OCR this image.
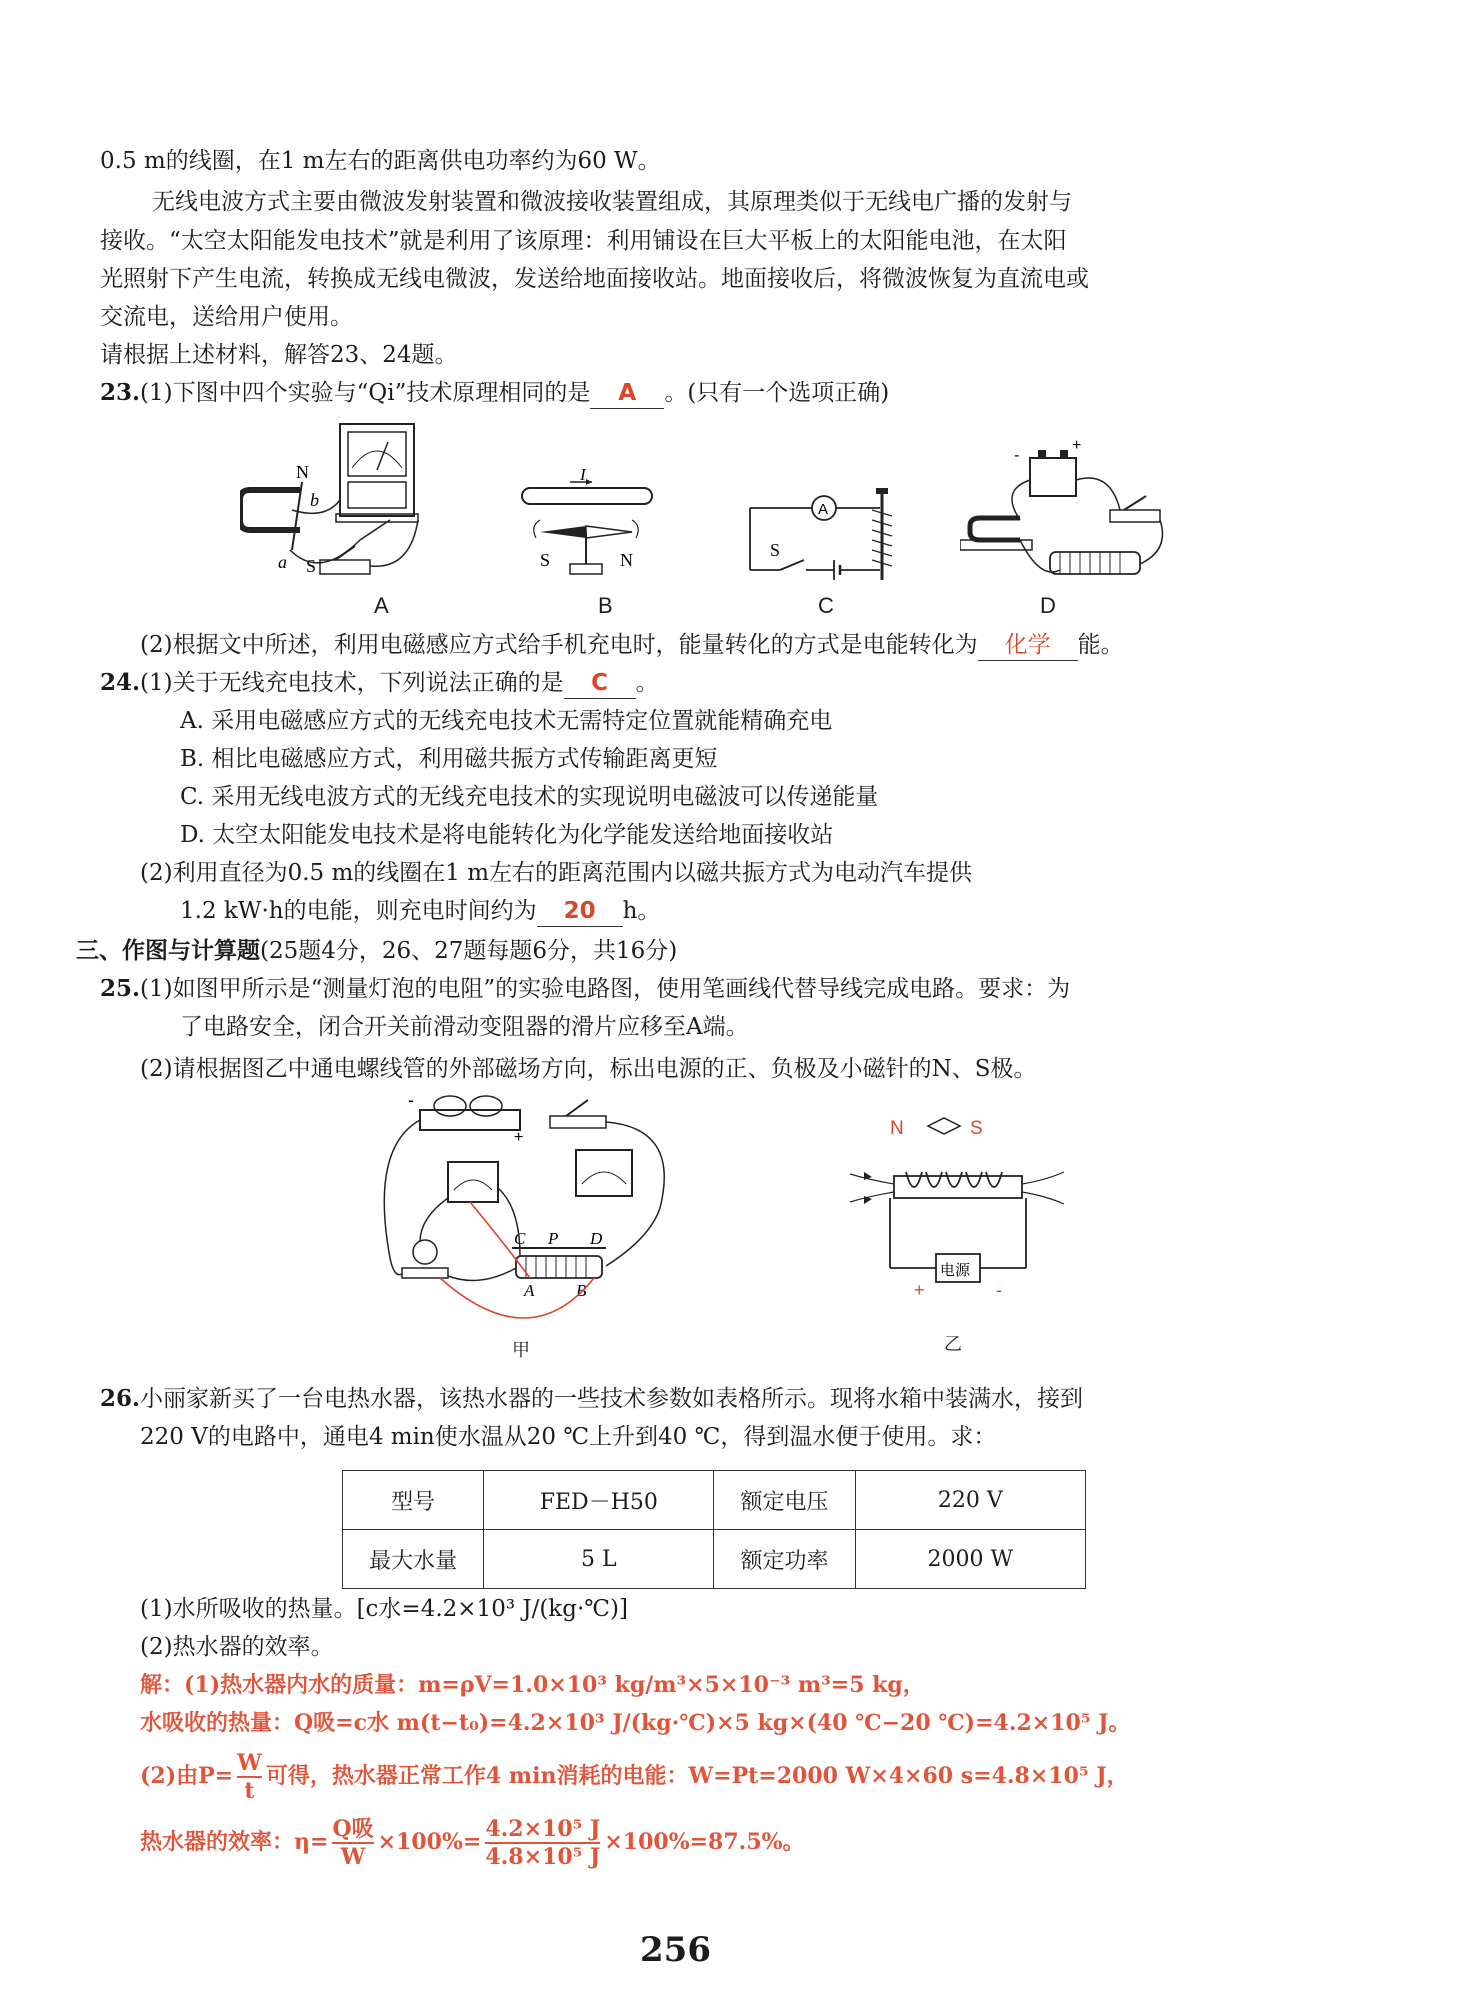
0.5 m的线圈，在1 m左右的距离供电功率约为60 W。
无线电波方式主要由微波发射装置和微波接收装置组成，其原理类似于无线电广播的发射与
接收。“太空太阳能发电技术”就是利用了该原理：利用铺设在巨大平板上的太阳能电池，在太阳
光照射下产生电流，转换成无线电微波，发送给地面接收站。地面接收后，将微波恢复为直流电或
交流电，送给用户使用。
请根据上述材料，解答23、24题。
23.(1)下图中四个实验与“Qi”技术原理相同的是 A 。(只有一个选项正确)
N
a
b
S
A
I
S	N
B
A
S
C
-
+
D
(2)根据文中所述，利用电磁感应方式给手机充电时，能量转化的方式是电能转化为 化学 能。
24.(1)关于无线充电技术，下列说法正确的是 C 。
A. 采用电磁感应方式的无线充电技术无需特定位置就能精确充电
B. 相比电磁感应方式，利用磁共振方式传输距离更短
C. 采用无线电波方式的无线充电技术的实现说明电磁波可以传递能量
D. 太空太阳能发电技术是将电能转化为化学能发送给地面接收站
(2)利用直径为0.5 m的线圈在1 m左右的距离范围内以磁共振方式为电动汽车提供
1.2 kW·h的电能，则充电时间约为 20 h。
三、作图与计算题(25题4分，26、27题每题6分，共16分)
25.(1)如图甲所示是“测量灯泡的电阻”的实验电路图，使用笔画线代替导线完成电路。要求：为
了电路安全，闭合开关前滑动变阻器的滑片应移至A端。
(2)请根据图乙中通电螺线管的外部磁场方向，标出电源的正、负极及小磁针的N、S极。
-
+
C P D
A B
甲
N	S
电源
+	-
乙
26.小丽家新买了一台电热水器，该热水器的一些技术参数如表格所示。现将水箱中装满水，接到
220 V的电路中，通电4 min使水温从20 ℃上升到40 ℃，得到温水便于使用。求：
型号	FED－H50	额定电压	220 V
最大水量	5 L	额定功率	2000 W
(1)水所吸收的热量。[c水=4.2×10³ J/(kg·℃)]
(2)热水器的效率。
解：(1)热水器内水的质量：m=ρV=1.0×10³ kg/m³×5×10⁻³ m³=5 kg，
水吸收的热量：Q吸=c水 m(t−t₀)=4.2×10³ J/(kg·℃)×5 kg×(40 ℃−20 ℃)=4.2×10⁵ J。
(2)由$P= \frac{W}{t}$ 可得，热水器正常工作4 min消耗的电能：W=Pt=2000 W×4×60 s=4.8×10⁵ J，
热水器的效率：$\eta= \frac{\text{Q吸}}{W} \times 100\%= \frac{\text{4.2×10⁵ J}}{\text{4.8×10⁵ J}} \times 100\%=87.5\%$。
256
